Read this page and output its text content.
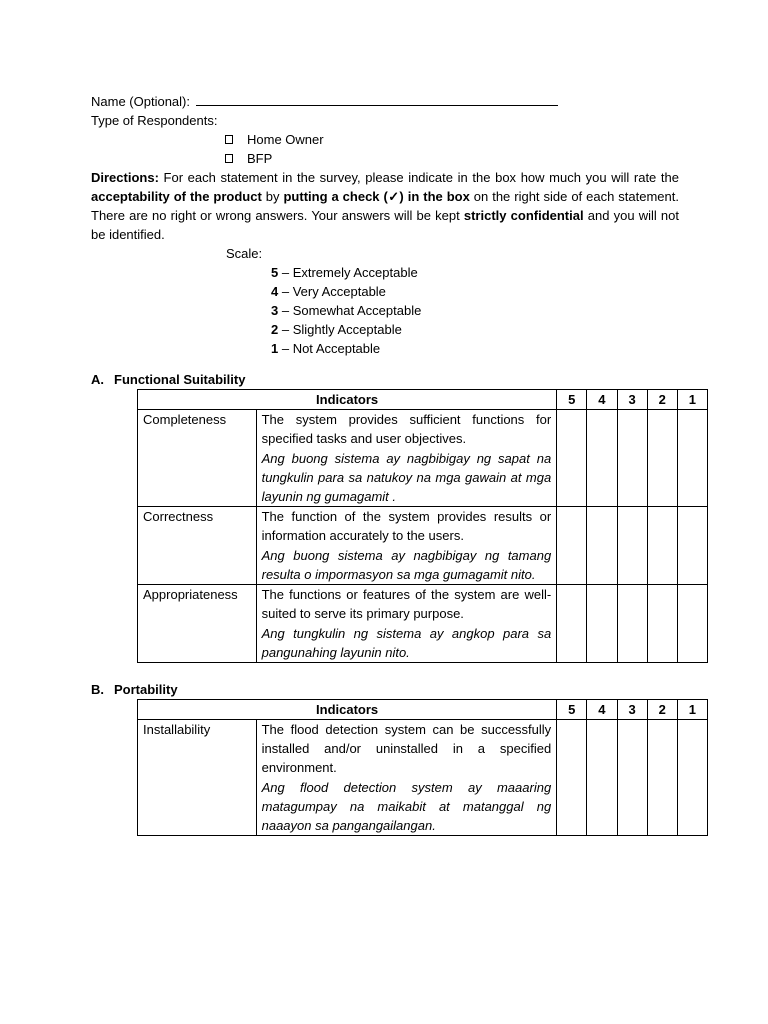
Name (Optional):
Type of Respondents:
Home Owner
BFP
Directions: For each statement in the survey, please indicate in the box how much you will rate the acceptability of the product by putting a check (✓) in the box on the right side of each statement. There are no right or wrong answers. Your answers will be kept strictly confidential and you will not be identified.
Scale:
5 – Extremely Acceptable
4 – Very Acceptable
3 – Somewhat Acceptable
2 – Slightly Acceptable
1 – Not Acceptable
A. Functional Suitability
Indicators		5	4	3	2	1
Completeness	The system provides sufficient functions for specified tasks and user objectives.
Ang buong sistema ay nagbibigay ng sapat na tungkulin para sa natukoy na mga gawain at mga layunin ng gumagamit .					

Correctness	The function of the system provides results or information accurately to the users.
Ang buong sistema ay nagbibigay ng tamang resulta o impormasyon sa mga gumagamit nito.					

Appropriateness	The functions or features of the system are well-suited to serve its primary purpose.
Ang tungkulin ng sistema ay angkop para sa pangunahing layunin nito.					

B. Portability
Indicators		5	4	3	2	1
Installability	The flood detection system can be successfully installed and/or uninstalled in a specified environment.
Ang flood detection system ay maaaring matagumpay na maikabit at matanggal ng naaayon sa pangangailangan.					
